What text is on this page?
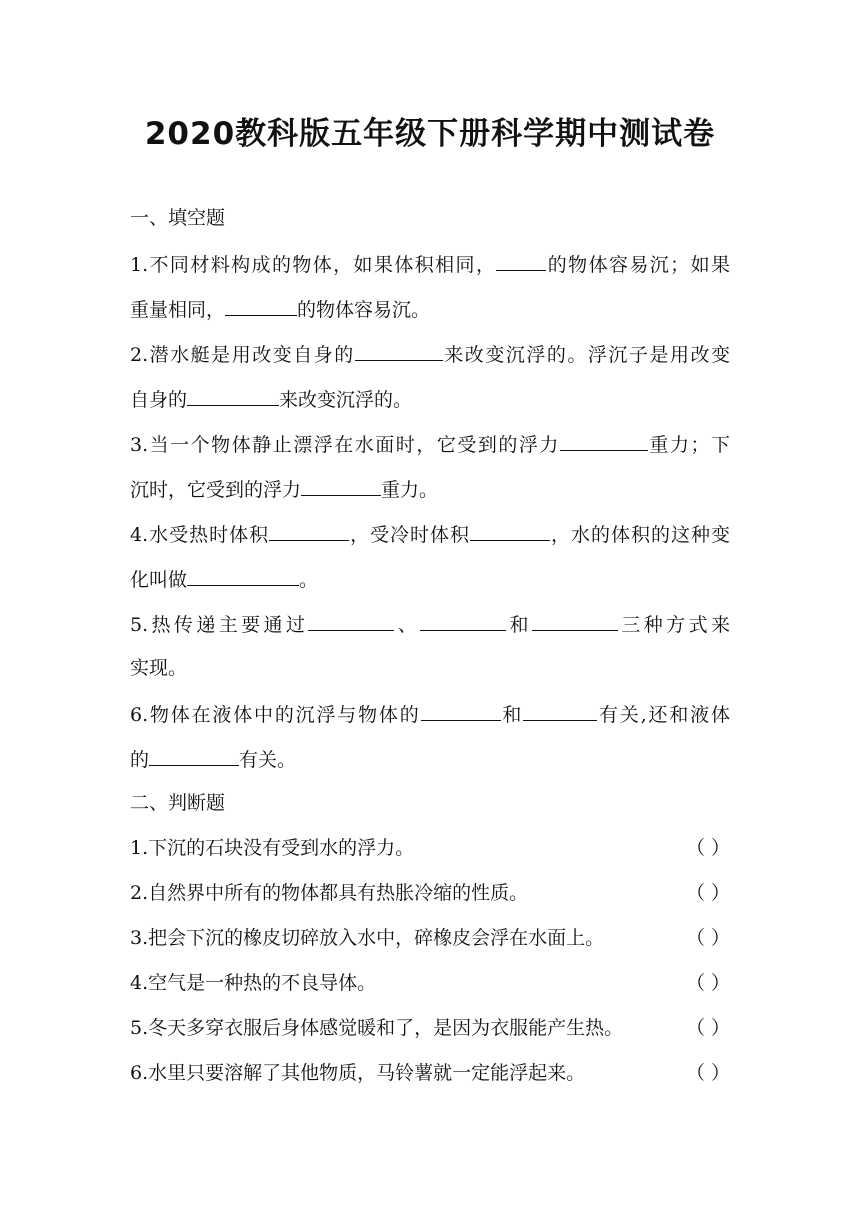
2020教科版五年级下册科学期中测试卷
一、填空题
1.不同材料构成的物体，如果体积相同，	的物体容易沉；如果
重量相同，	的物体容易沉。
2.潜水艇是用改变自身的	来改变沉浮的。浮沉子是用改变
自身的	来改变沉浮的。
3.当一个物体静止漂浮在水面时，它受到的浮力	重力；下
沉时，它受到的浮力	重力。
4.水受热时体积	，受冷时体积	，水的体积的这种变
化叫做	。
5.热传递主要通过	、	和	三种方式来
实现。
6.物体在液体中的沉浮与物体的	和	有关,还和液体
的	有关。
二、判断题
1.下沉的石块没有受到水的浮力。	（ ）
2.自然界中所有的物体都具有热胀冷缩的性质。	（ ）
3.把会下沉的橡皮切碎放入水中，碎橡皮会浮在水面上。	（ ）
4.空气是一种热的不良导体。	（ ）
5.冬天多穿衣服后身体感觉暖和了，是因为衣服能产生热。	（ ）
6.水里只要溶解了其他物质，马铃薯就一定能浮起来。	（ ）
